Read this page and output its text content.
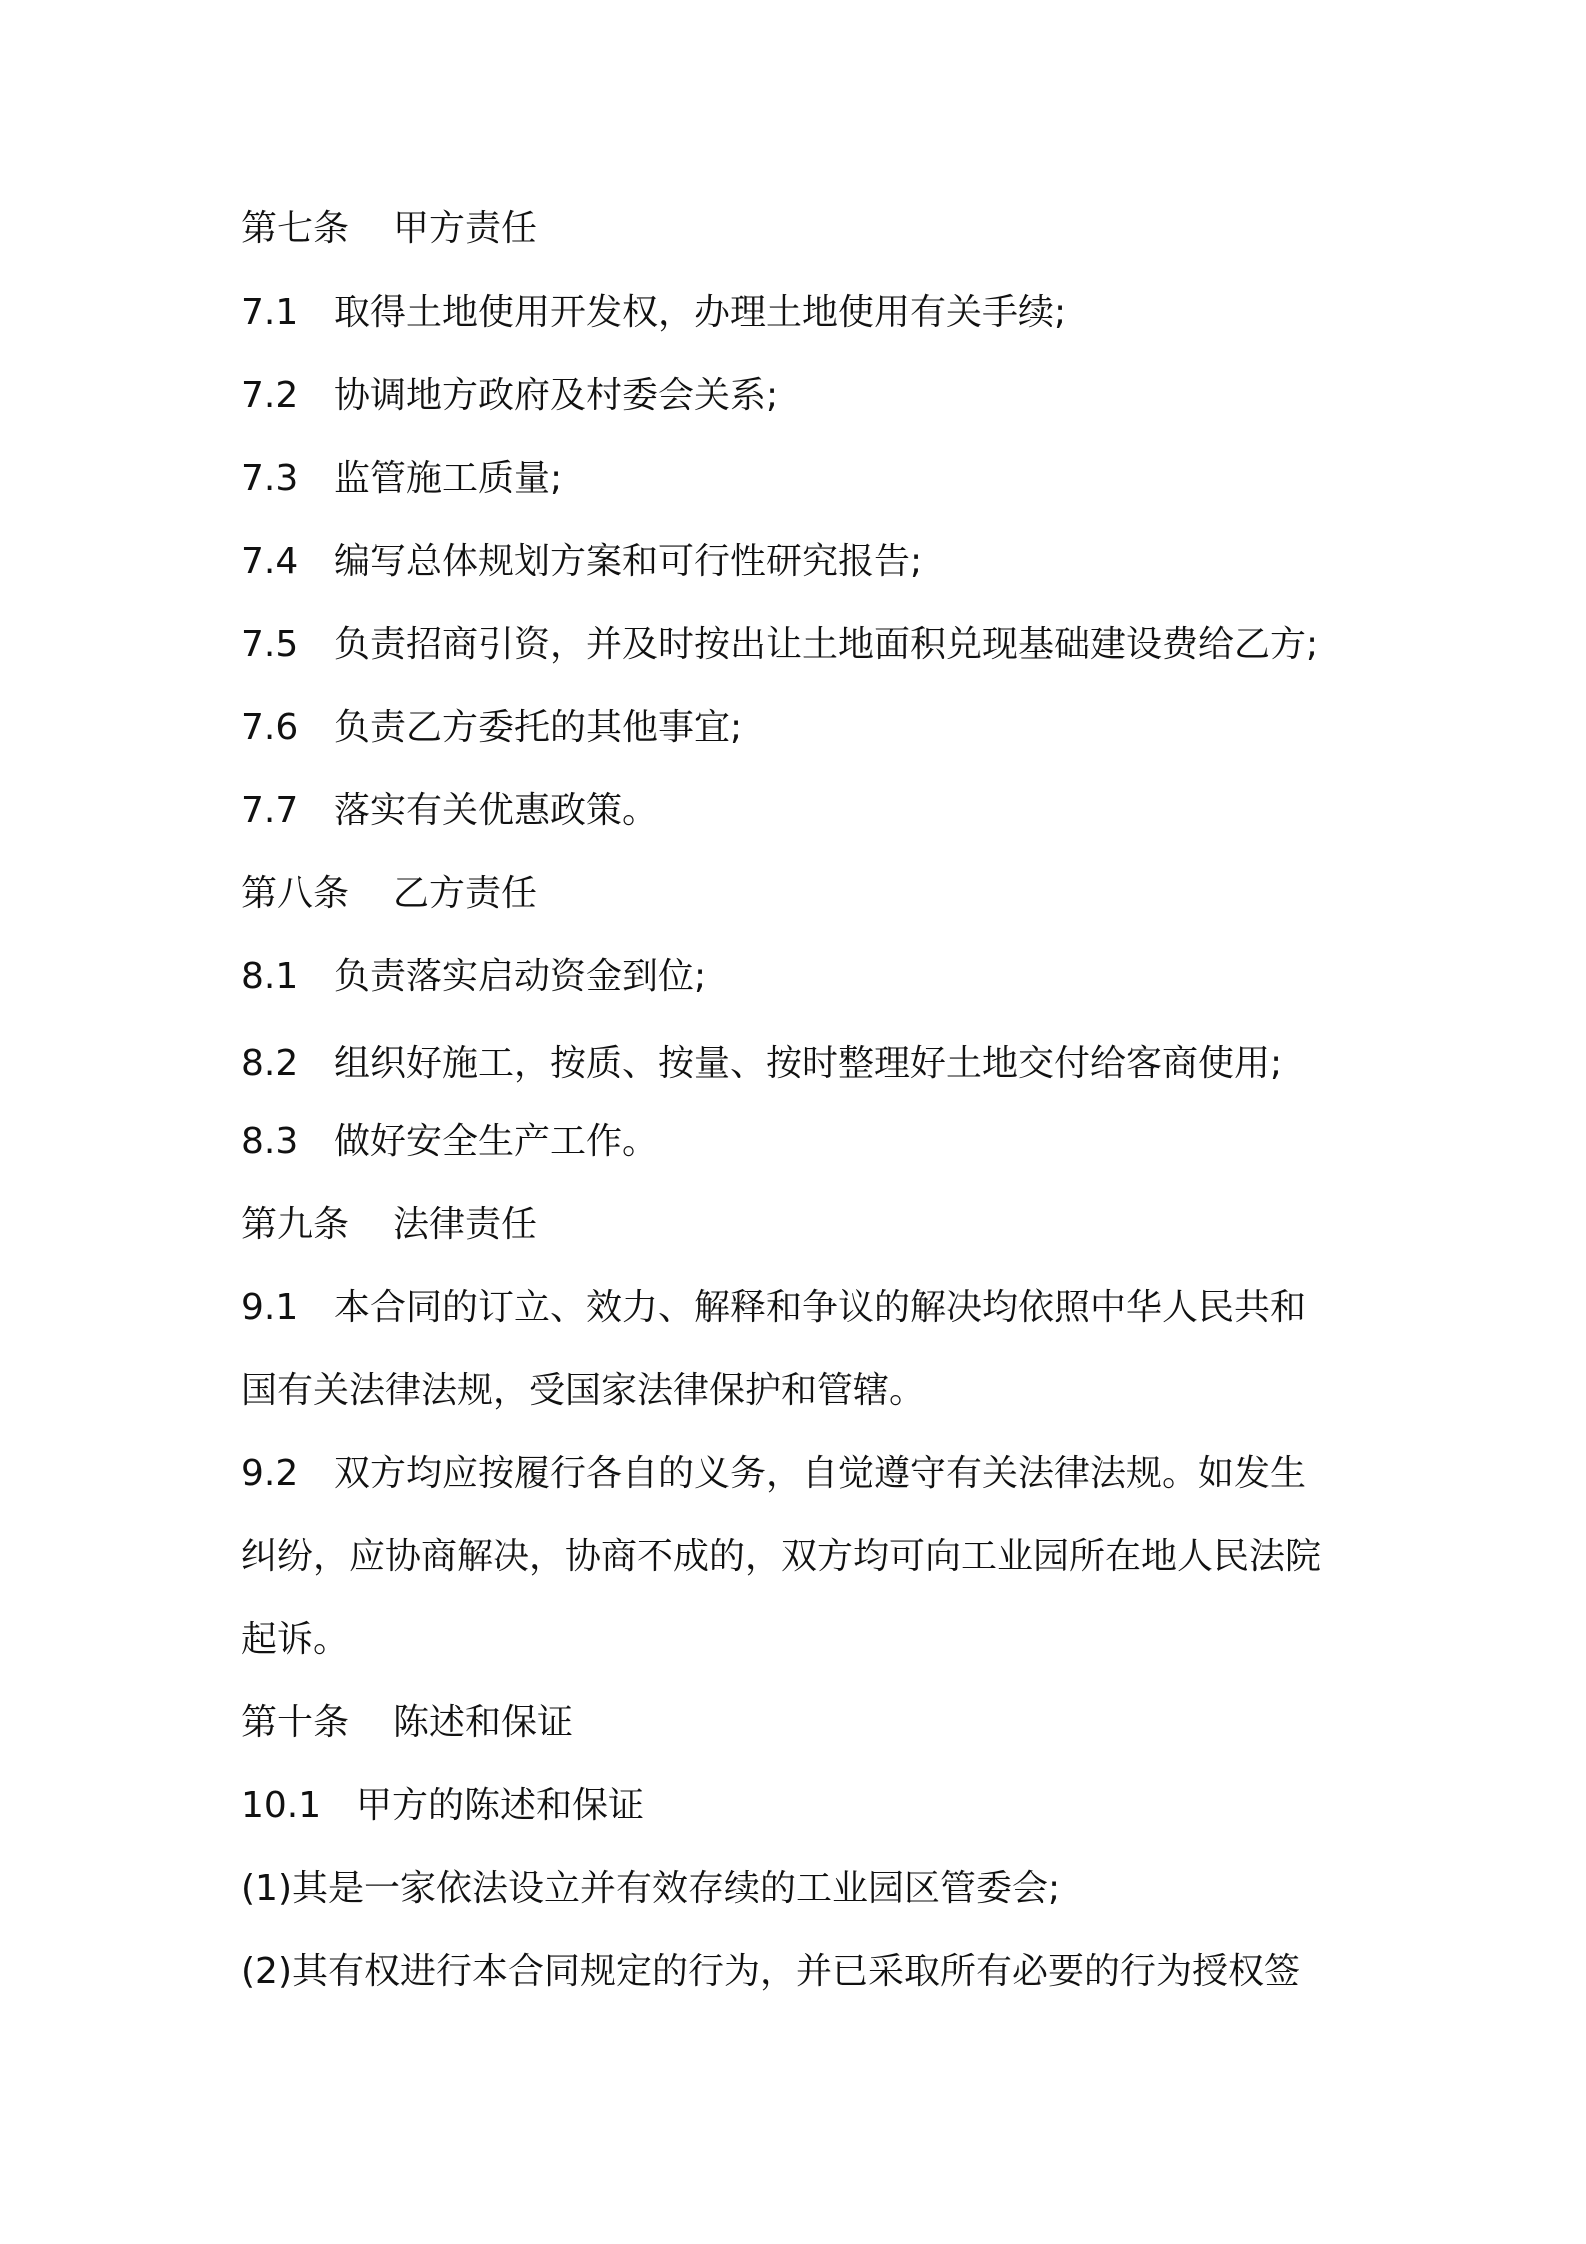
第七条 甲方责任
7.1 取得土地使用开发权，办理土地使用有关手续;
7.2 协调地方政府及村委会关系;
7.3 监管施工质量;
7.4 编写总体规划方案和可行性研究报告;
7.5 负责招商引资，并及时按出让土地面积兑现基础建设费给乙方;
7.6 负责乙方委托的其他事宜;
7.7 落实有关优惠政策。
第八条 乙方责任
8.1 负责落实启动资金到位;
8.2 组织好施工，按质、按量、按时整理好土地交付给客商使用;
8.3 做好安全生产工作。
第九条 法律责任
9.1 本合同的订立、效力、解释和争议的解决均依照中华人民共和
国有关法律法规，受国家法律保护和管辖。
9.2 双方均应按履行各自的义务，自觉遵守有关法律法规。如发生
纠纷，应协商解决，协商不成的，双方均可向工业园所在地人民法院
起诉。
第十条 陈述和保证
10.1 甲方的陈述和保证
(1)其是一家依法设立并有效存续的工业园区管委会;
(2)其有权进行本合同规定的行为，并已采取所有必要的行为授权签
